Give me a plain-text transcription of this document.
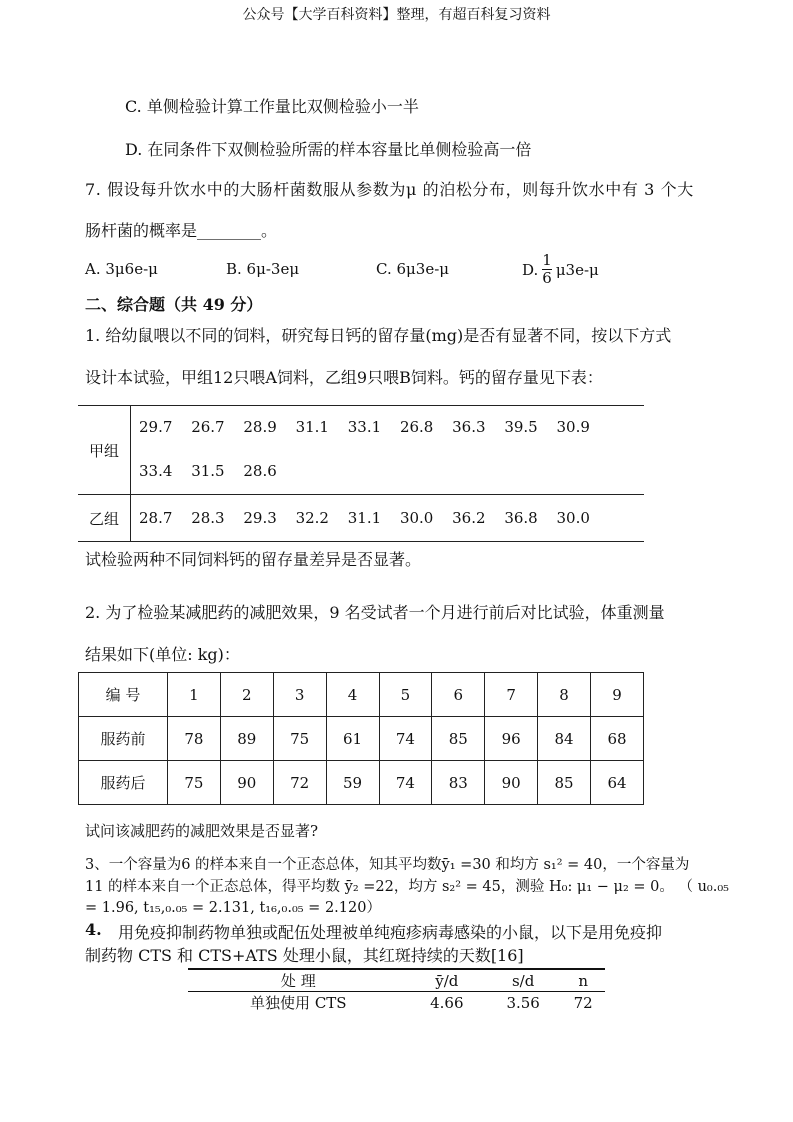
公众号【大学百科资料】整理，有超百科复习资料
C. 单侧检验计算工作量比双侧检验小一半
D. 在同条件下双侧检验所需的样本容量比单侧检验高一倍
7. 假设每升饮水中的大肠杆菌数服从参数为μ 的泊松分布，则每升饮水中有 3 个大
肠杆菌的概率是________。
A. 3μ6e-μ	B. 6μ-3eμ	C. 6μ3e-μ	D. $\frac{1}{6} \mu 3e-\mu$
二、综合题（共 49 分）
1. 给幼鼠喂以不同的饲料，研究每日钙的留存量(mg)是否有显著不同，按以下方式
设计本试验，甲组12只喂A饲料，乙组9只喂B饲料。钙的留存量见下表：
甲组	29.7 26.7 28.9 31.1 33.1 26.8 36.3 39.5 30.9
	33.4 31.5 28.6
乙组	28.7 28.3 29.3 32.2 31.1 30.0 36.2 36.8 30.0
试检验两种不同饲料钙的留存量差异是否显著。
2. 为了检验某减肥药的减肥效果，9 名受试者一个月进行前后对比试验，体重测量
结果如下(单位: kg)：
编 号	1	2	3	4	5	6	7	8	9
服药前	78	89	75	61	74	85	96	84	68
服药后	75	90	72	59	74	83	90	85	64
试问该减肥药的减肥效果是否显著?
3、一个容量为6 的样本来自一个正态总体，知其平均数ȳ₁ =30 和均方 s₁² = 40，一个容量为
11 的样本来自一个正态总体，得平均数 ȳ₂ =22，均方 s₂² = 45，测验 H₀: μ₁ − μ₂ = 0。 （ u₀.₀₅
= 1.96, t₁₅,₀.₀₅ = 2.131, t₁₆,₀.₀₅ = 2.120）
4. 用免疫抑制药物单独或配伍处理被单纯疱疹病毒感染的小鼠，以下是用免疫抑
制药物 CTS 和 CTS+ATS 处理小鼠，其红斑持续的天数[16]
处 理	ȳ/d	s/d	n
单独使用 CTS	4.66	3.56	72
